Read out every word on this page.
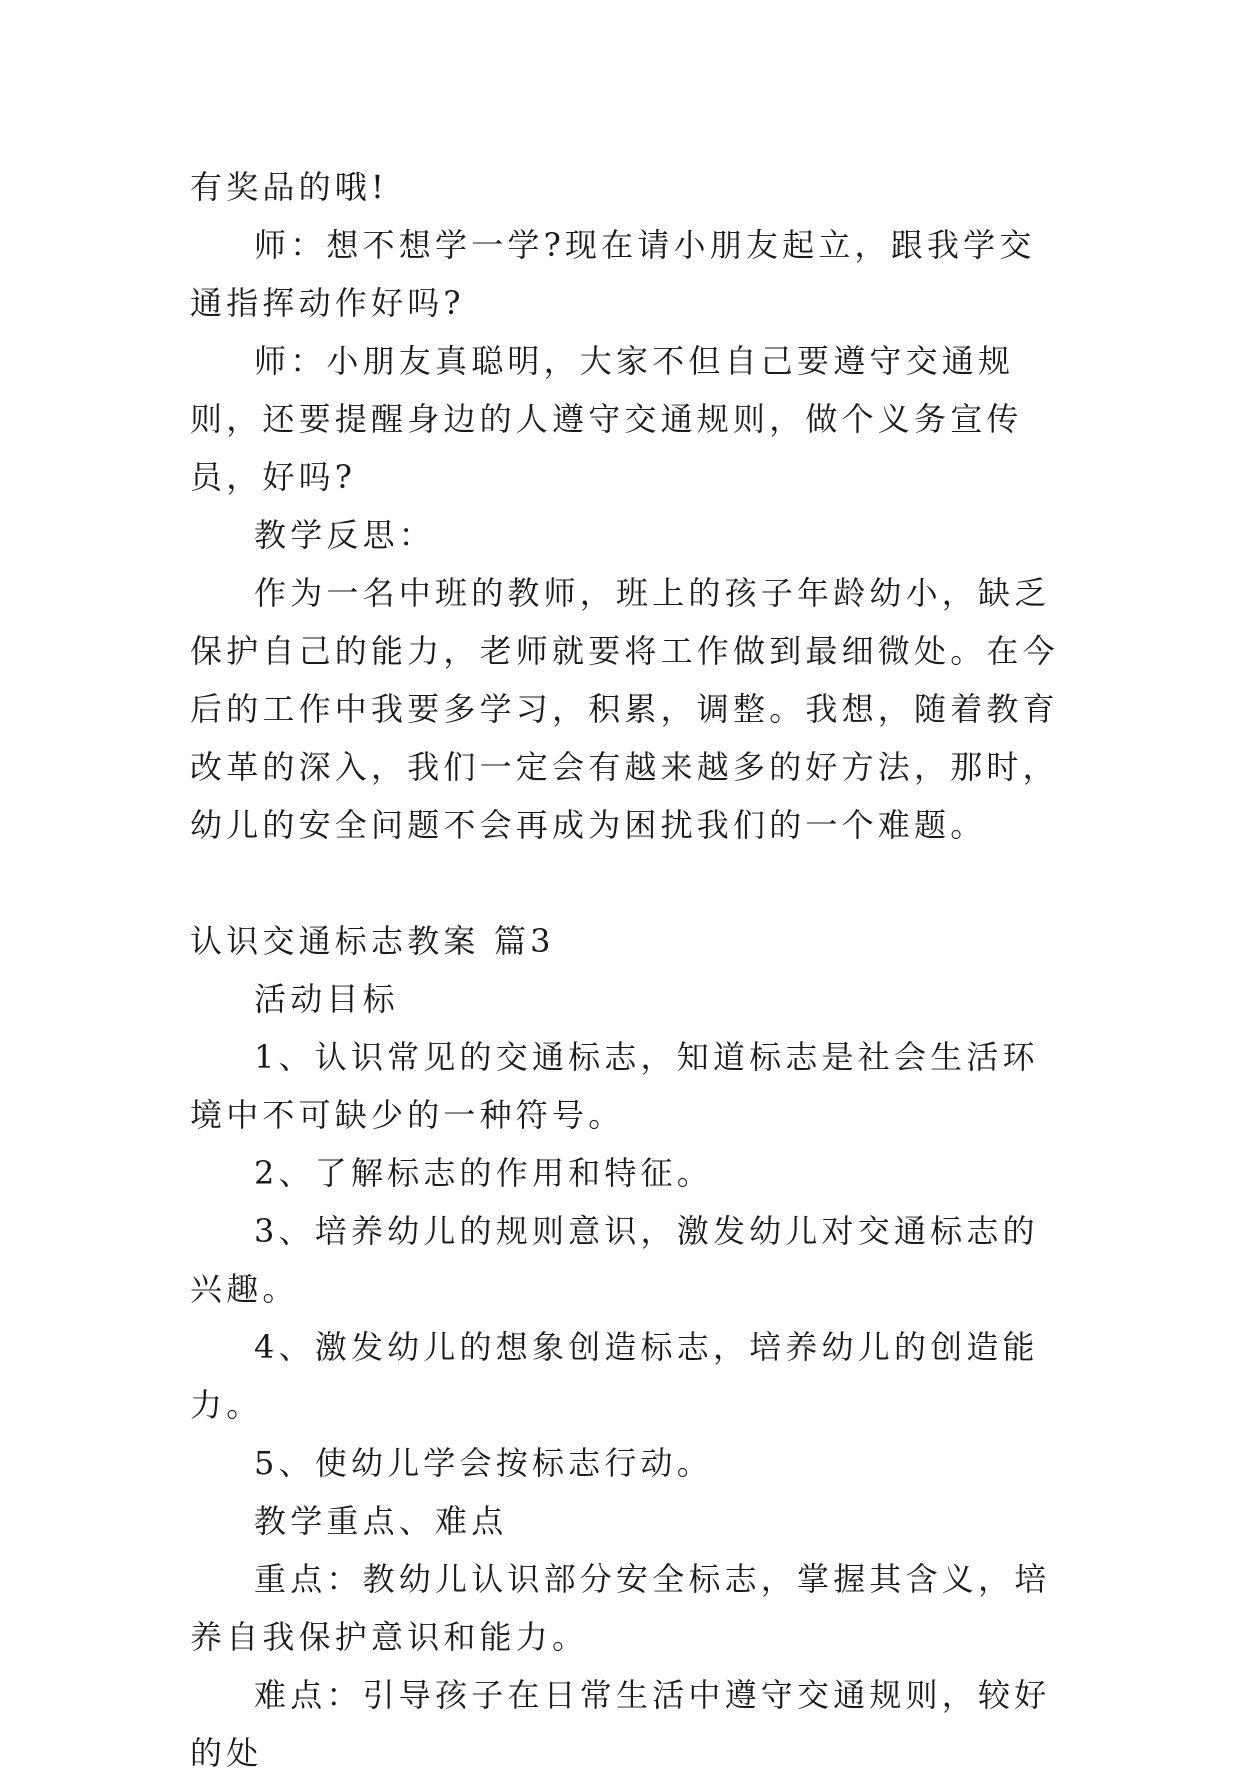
有奖品的哦!

师：想不想学一学?现在请小朋友起立，跟我学交通指挥动作好吗?

师：小朋友真聪明，大家不但自己要遵守交通规则，还要提醒身边的人遵守交通规则，做个义务宣传员，好吗?

教学反思：

作为一名中班的教师，班上的孩子年龄幼小，缺乏保护自己的能力，老师就要将工作做到最细微处。在今后的工作中我要多学习，积累，调整。我想，随着教育改革的深入，我们一定会有越来越多的好方法，那时，幼儿的安全问题不会再成为困扰我们的一个难题。

认识交通标志教案 篇3

活动目标

1、认识常见的交通标志，知道标志是社会生活环境中不可缺少的一种符号。

2、了解标志的作用和特征。

3、培养幼儿的规则意识，激发幼儿对交通标志的兴趣。

4、激发幼儿的想象创造标志，培养幼儿的创造能力。

5、使幼儿学会按标志行动。

教学重点、难点

重点：教幼儿认识部分安全标志，掌握其含义，培养自我保护意识和能力。

难点：引导孩子在日常生活中遵守交通规则，较好的处
